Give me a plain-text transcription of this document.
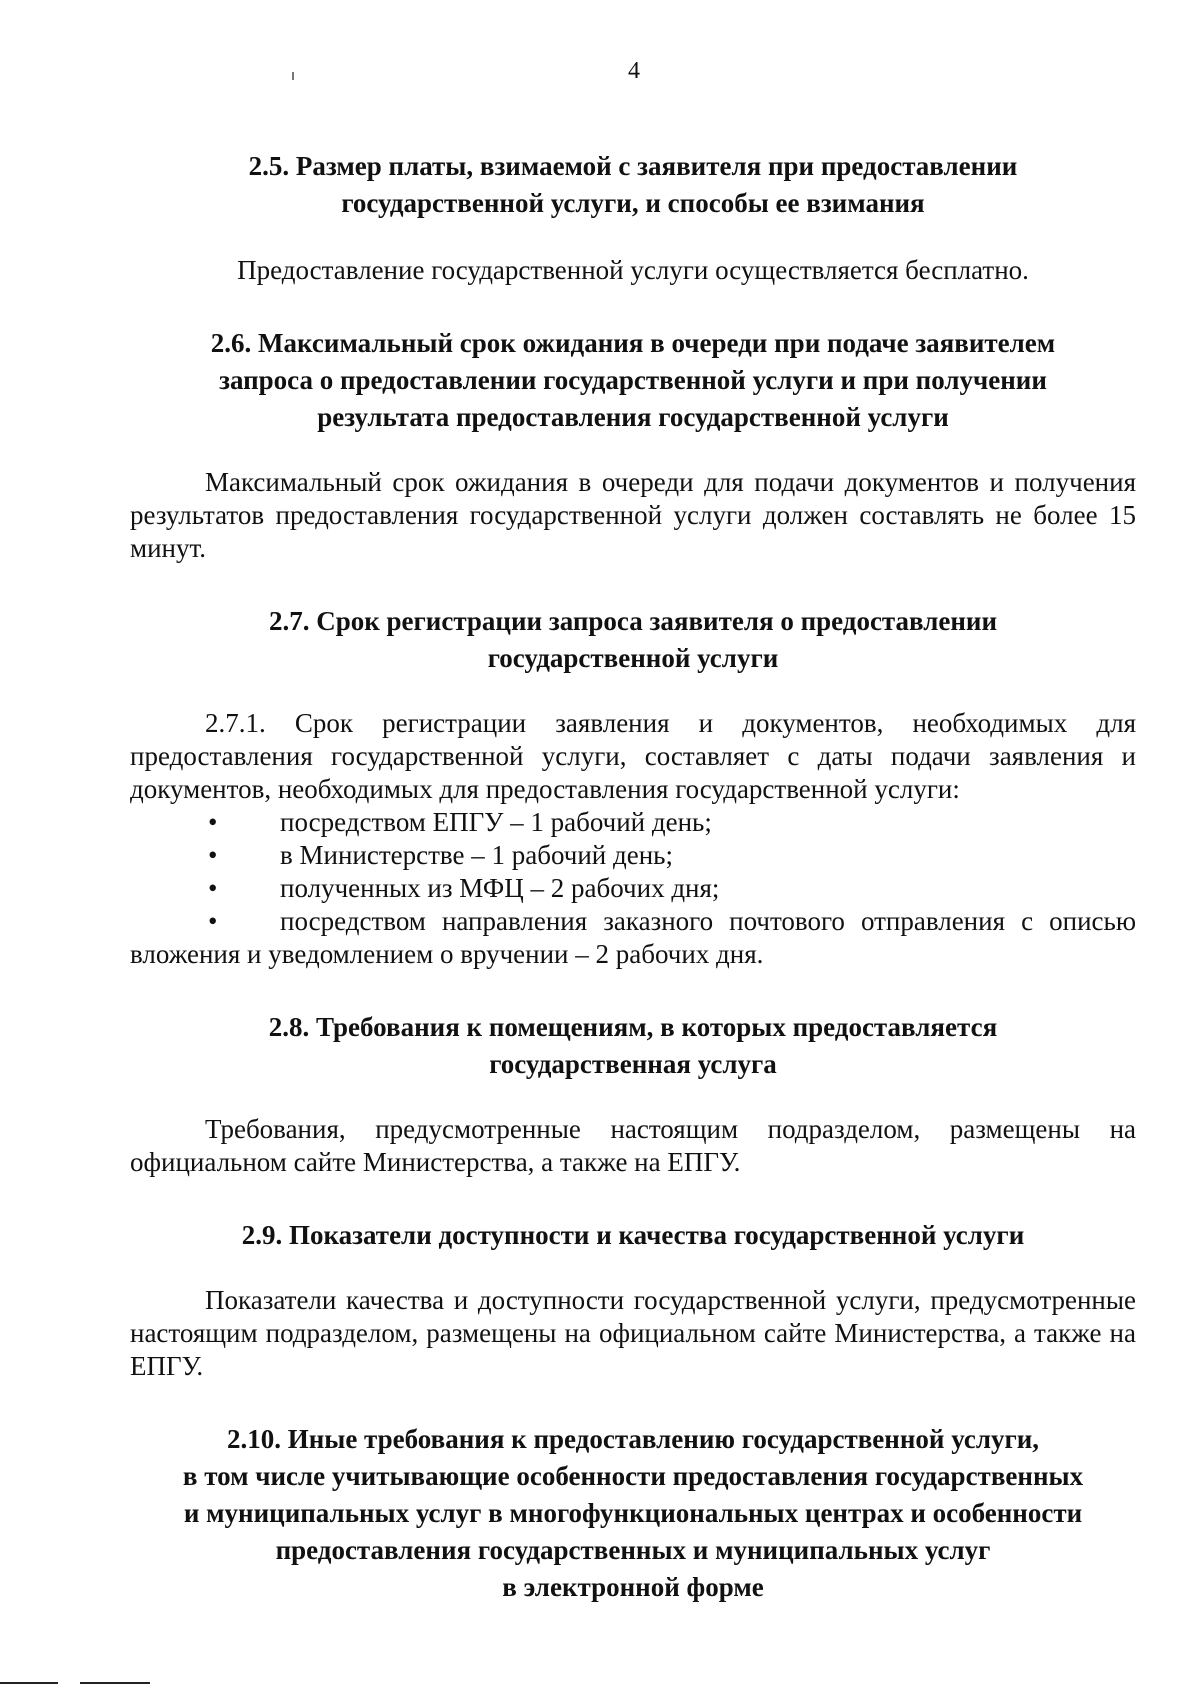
4
2.5. Размер платы, взимаемой с заявителя при предоставлении
государственной услуги, и способы ее взимания

Предоставление государственной услуги осуществляется бесплатно.

2.6. Максимальный срок ожидания в очереди при подаче заявителем
запроса о предоставлении государственной услуги и при получении
результата предоставления государственной услуги

Максимальный срок ожидания в очереди для подачи документов и получения результатов предоставления государственной услуги должен составлять не более 15 минут.

2.7. Срок регистрации запроса заявителя о предоставлении
государственной услуги

2.7.1. Срок регистрации заявления и документов, необходимых для предоставления государственной услуги, составляет с даты подачи заявления и документов, необходимых для предоставления государственной услуги:

• посредством ЕПГУ – 1 рабочий день;
• в Министерстве – 1 рабочий день;
• полученных из МФЦ – 2 рабочих дня;
• посредством направления заказного почтового отправления с описью вложения и уведомлением о вручении – 2 рабочих дня.
2.8. Требования к помещениям, в которых предоставляется
государственная услуга

Требования, предусмотренные настоящим подразделом, размещены на официальном сайте Министерства, а также на ЕПГУ.

2.9. Показатели доступности и качества государственной услуги

Показатели качества и доступности государственной услуги, предусмотренные настоящим подразделом, размещены на официальном сайте Министерства, а также на ЕПГУ.

2.10. Иные требования к предоставлению государственной услуги,
в том числе учитывающие особенности предоставления государственных
и муниципальных услуг в многофункциональных центрах и особенности
предоставления государственных и муниципальных услуг
в электронной форме
